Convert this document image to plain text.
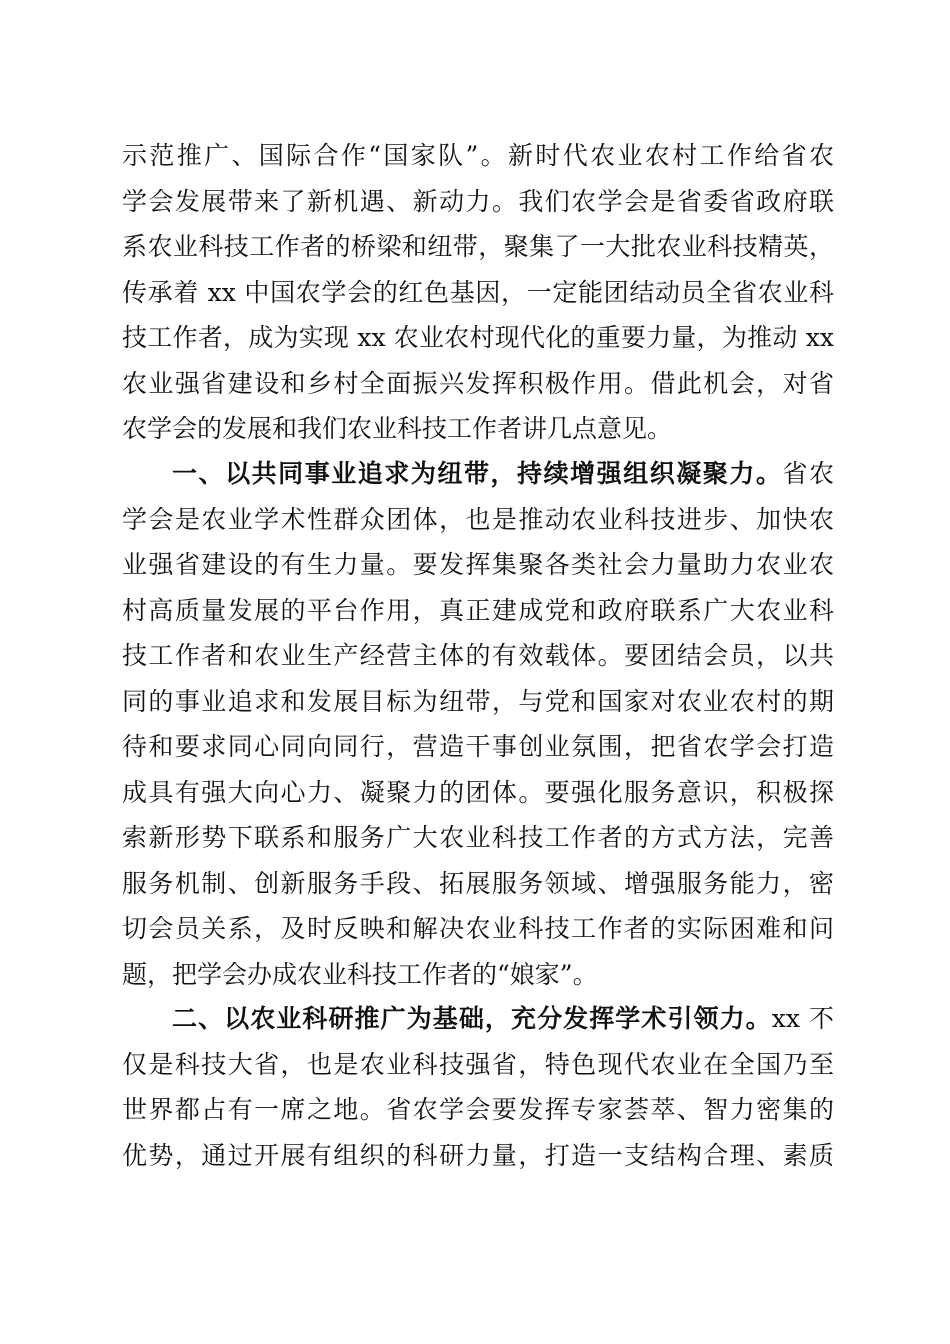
示范推广、国际合作“国家队”。新时代农业农村工作给省农
学会发展带来了新机遇、新动力。我们农学会是省委省政府联
系农业科技工作者的桥梁和纽带，聚集了一大批农业科技精英，
传承着 xx 中国农学会的红色基因，一定能团结动员全省农业科
技工作者，成为实现 xx 农业农村现代化的重要力量，为推动 xx
农业强省建设和乡村全面振兴发挥积极作用。借此机会，对省
农学会的发展和我们农业科技工作者讲几点意见。
一、以共同事业追求为纽带，持续增强组织凝聚力。省农
学会是农业学术性群众团体，也是推动农业科技进步、加快农
业强省建设的有生力量。要发挥集聚各类社会力量助力农业农
村高质量发展的平台作用，真正建成党和政府联系广大农业科
技工作者和农业生产经营主体的有效载体。要团结会员，以共
同的事业追求和发展目标为纽带，与党和国家对农业农村的期
待和要求同心同向同行，营造干事创业氛围，把省农学会打造
成具有强大向心力、凝聚力的团体。要强化服务意识，积极探
索新形势下联系和服务广大农业科技工作者的方式方法，完善
服务机制、创新服务手段、拓展服务领域、增强服务能力，密
切会员关系，及时反映和解决农业科技工作者的实际困难和问
题，把学会办成农业科技工作者的“娘家”。
二、以农业科研推广为基础，充分发挥学术引领力。xx 不
仅是科技大省，也是农业科技强省，特色现代农业在全国乃至
世界都占有一席之地。省农学会要发挥专家荟萃、智力密集的
优势，通过开展有组织的科研力量，打造一支结构合理、素质
